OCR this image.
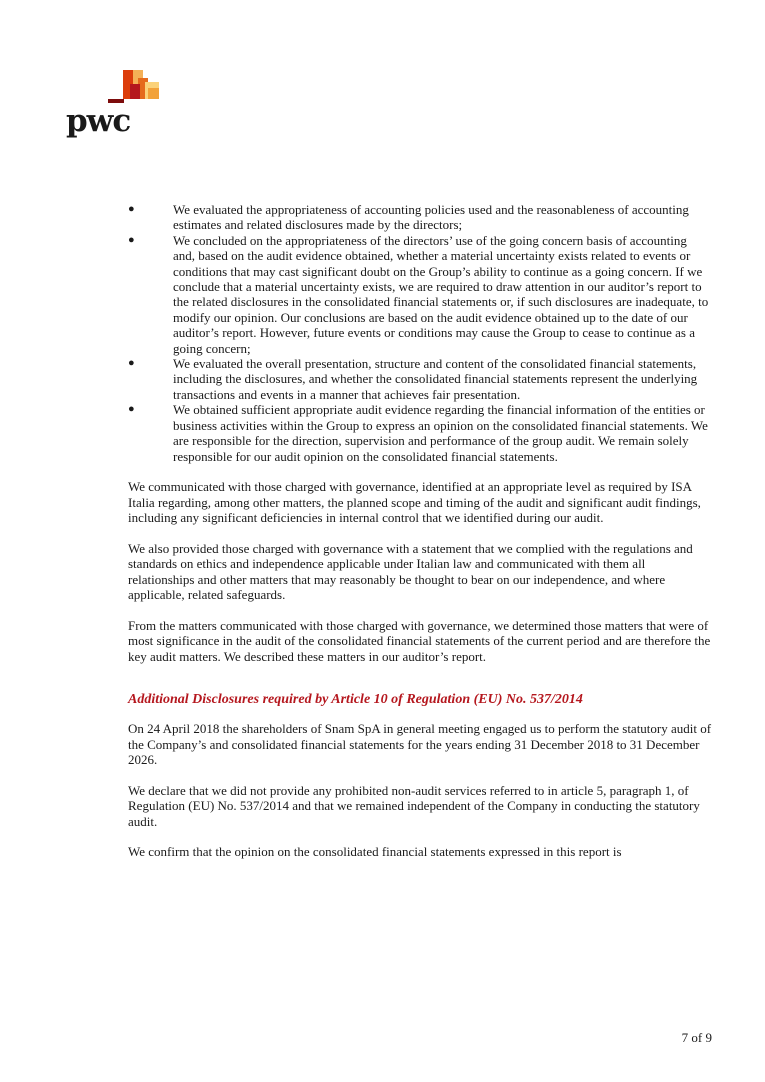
pwc
●	We evaluated the appropriateness of accounting policies used and the reasonableness of accounting estimates and related disclosures made by the directors;
●	We concluded on the appropriateness of the directors’ use of the going concern basis of accounting and, based on the audit evidence obtained, whether a material uncertainty exists related to events or conditions that may cast significant doubt on the Group’s ability to continue as a going concern. If we conclude that a material uncertainty exists, we are required to draw attention in our auditor’s report to the related disclosures in the consolidated financial statements or, if such disclosures are inadequate, to modify our opinion. Our conclusions are based on the audit evidence obtained up to the date of our auditor’s report. However, future events or conditions may cause the Group to cease to continue as a going concern;
●	We evaluated the overall presentation, structure and content of the consolidated financial statements, including the disclosures, and whether the consolidated financial statements represent the underlying transactions and events in a manner that achieves fair presentation.
●	We obtained sufficient appropriate audit evidence regarding the financial information of the entities or business activities within the Group to express an opinion on the consolidated financial statements. We are responsible for the direction, supervision and performance of the group audit. We remain solely responsible for our audit opinion on the consolidated financial statements.

We communicated with those charged with governance, identified at an appropriate level as required by ISA Italia regarding, among other matters, the planned scope and timing of the audit and significant audit findings, including any significant deficiencies in internal control that we identified during our audit.

We also provided those charged with governance with a statement that we complied with the regulations and standards on ethics and independence applicable under Italian law and communicated with them all relationships and other matters that may reasonably be thought to bear on our independence, and where applicable, related safeguards.

From the matters communicated with those charged with governance, we determined those matters that were of most significance in the audit of the consolidated financial statements of the current period and are therefore the key audit matters. We described these matters in our auditor’s report.

Additional Disclosures required by Article 10 of Regulation (EU) No. 537/2014

On 24 April 2018 the shareholders of Snam SpA in general meeting engaged us to perform the statutory audit of the Company’s and consolidated financial statements for the years ending 31 December 2018 to 31 December 2026.

We declare that we did not provide any prohibited non-audit services referred to in article 5, paragraph 1, of Regulation (EU) No. 537/2014 and that we remained independent of the Company in conducting the statutory audit.

We confirm that the opinion on the consolidated financial statements expressed in this report is

7 of 9
